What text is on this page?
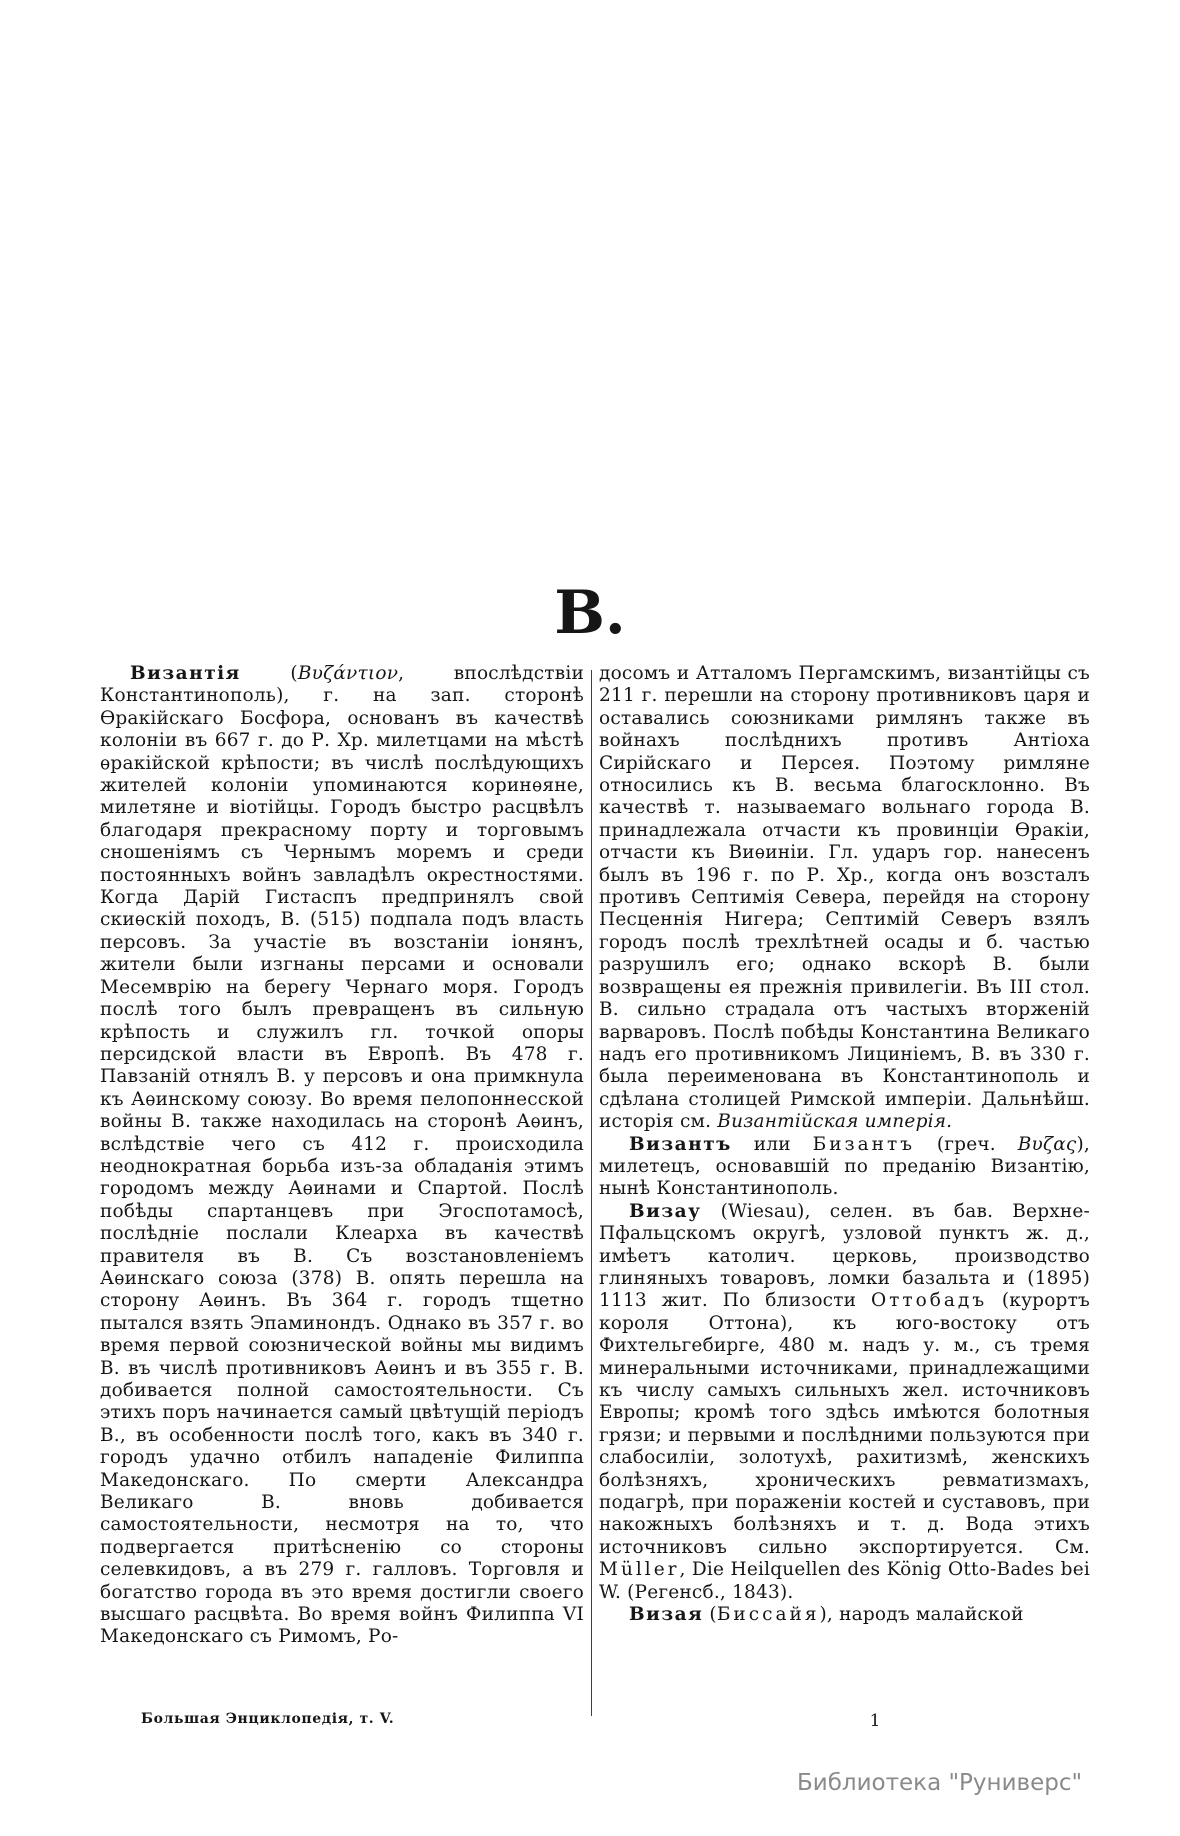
В.

Византія (Βυζάντιον, впослѣдствіи Константинополь), г. на зап. сторонѣ Ѳракійскаго Босфора, основанъ въ качествѣ колоніи въ 667 г. до Р. Хр. милетцами на мѣстѣ ѳракійской крѣпости; въ числѣ послѣдующихъ жителей колоніи упоминаются коринѳяне, милетяне и віотійцы. Городъ быстро расцвѣлъ благодаря прекрасному порту и торговымъ сношеніямъ съ Чернымъ моремъ и среди постоянныхъ войнъ завладѣлъ окрестностями. Когда Дарій Гистаспъ предпринялъ свой скиѳскій походъ, В. (515) подпала подъ власть персовъ. За участіе въ возстаніи іонянъ, жители были изгнаны персами и основали Месемврію на берегу Чернаго моря. Городъ послѣ того былъ превращенъ въ сильную крѣпость и служилъ гл. точкой опоры персидской власти въ Европѣ. Въ 478 г. Павзаній отнялъ В. у персовъ и она примкнула къ Аѳинскому союзу. Во время пелопоннесской войны В. также находилась на сторонѣ Аѳинъ, вслѣдствіе чего съ 412 г. происходила неоднократная борьба изъ-за обладанія этимъ городомъ между Аѳинами и Спартой. Послѣ побѣды спартанцевъ при Эгоспотамосѣ, послѣдніе послали Клеарха въ качествѣ правителя въ В. Съ возстановленіемъ Аѳинскаго союза (378) В. опять перешла на сторону Аѳинъ. Въ 364 г. городъ тщетно пытался взять Эпаминондъ. Однако въ 357 г. во время первой союзнической войны мы видимъ В. въ числѣ противниковъ Аѳинъ и въ 355 г. В. добивается полной самостоятельности. Съ этихъ поръ начинается самый цвѣтущій періодъ В., въ особенности послѣ того, какъ въ 340 г. городъ удачно отбилъ нападеніе Филиппа Македонскаго. По смерти Александра Великаго В. вновь добивается самостоятельности, несмотря на то, что подвергается притѣсненію со стороны селевкидовъ, а въ 279 г. галловъ. Торговля и богатство города въ это время достигли своего высшаго расцвѣта. Во время войнъ Филиппа VI Македонскаго съ Римомъ, Ро-

досомъ и Атталомъ Пергамскимъ, византійцы съ 211 г. перешли на сторону противниковъ царя и оставались союзниками римлянъ также въ войнахъ послѣднихъ противъ Антіоха Сирійскаго и Персея. Поэтому римляне относились къ В. весьма благосклонно. Въ качествѣ т. называемаго вольнаго города В. принадлежала отчасти къ провинціи Ѳракіи, отчасти къ Виѳиніи. Гл. ударъ гор. нанесенъ былъ въ 196 г. по Р. Хр., когда онъ возсталъ противъ Септимія Севера, перейдя на сторону Песценнія Нигера; Септимій Северъ взялъ городъ послѣ трехлѣтней осады и б. частью разрушилъ его; однако вскорѣ В. были возвращены ея прежнія привилегіи. Въ III стол. В. сильно страдала отъ частыхъ вторженій варваровъ. Послѣ побѣды Константина Великаго надъ его противникомъ Лициніемъ, В. въ 330 г. была переименована въ Константинополь и сдѣлана столицей Римской имперіи. Дальнѣйш. исторія см. Византійская имперія.

Византъ или Бизантъ (греч. Βυζας), милетецъ, основавшій по преданію Византію, нынѣ Константинополь.

Визау (Wiesau), селен. въ бав. Верхне-Пфальцскомъ округѣ, узловой пунктъ ж. д., имѣетъ католич. церковь, производство глиняныхъ товаровъ, ломки базальта и (1895) 1113 жит. По близости Оттобадъ (курортъ короля Оттона), къ юго-востоку отъ Фихтельгебирге, 480 м. надъ у. м., съ тремя минеральными источниками, принадлежащими къ числу самыхъ сильныхъ жел. источниковъ Европы; кромѣ того здѣсь имѣются болотныя грязи; и первыми и послѣдними пользуются при слабосиліи, золотухѣ, рахитизмѣ, женскихъ болѣзняхъ, хроническихъ ревматизмахъ, подагрѣ, при пораженіи костей и суставовъ, при накожныхъ болѣзняхъ и т. д. Вода этихъ источниковъ сильно экспортируется. См. Müller, Die Heilquellen des König Otto-Bades bei W. (Регенсб., 1843).

Визая (Биссайя), народъ малайской

Большая Энциклопедія, т. V.	1
Библиотека "Руниверс"
